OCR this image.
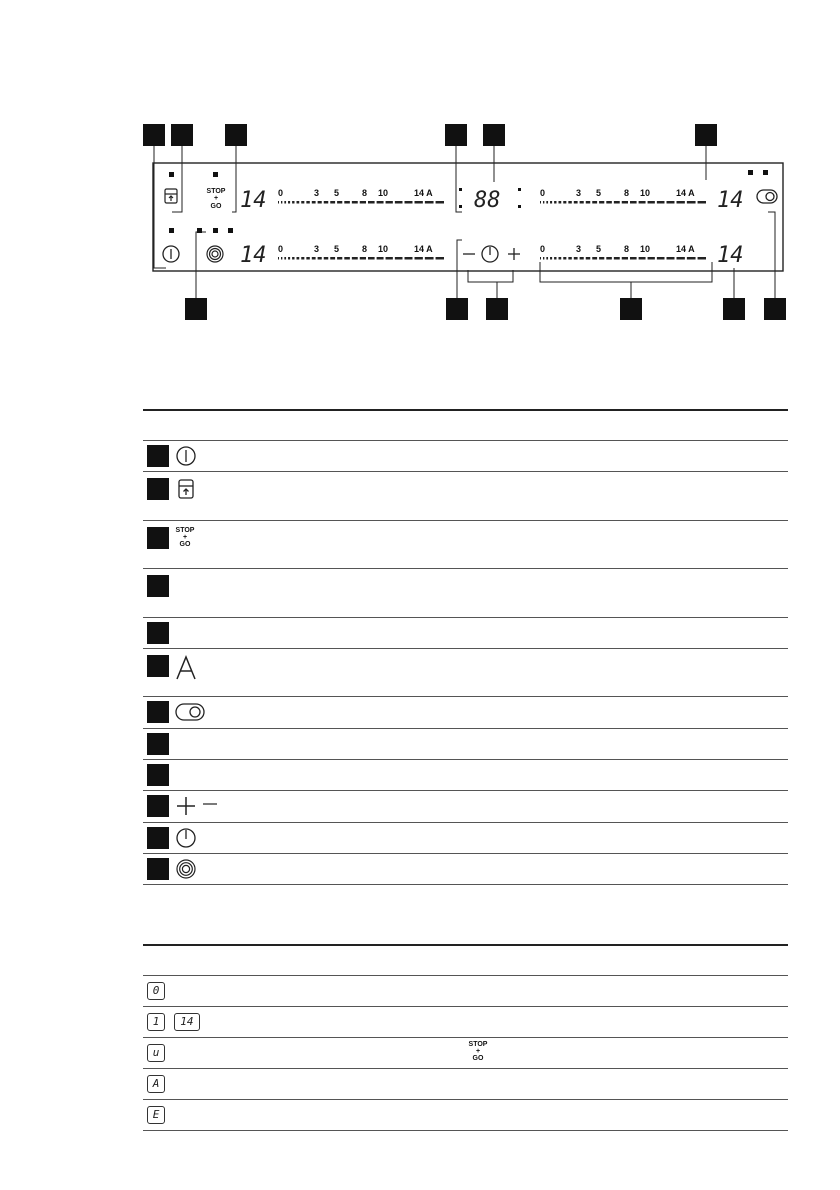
STOP
+
GO 14
14
14
14
88
0	3 5	8 10	14 A
0	3 5	8 10	14 A
0	3 5	8 10	14 A
0	3 5	8 10	14 A

	STOP
+
GO	

0	
1 14	
u	STOP
+
GO
A	
E	
